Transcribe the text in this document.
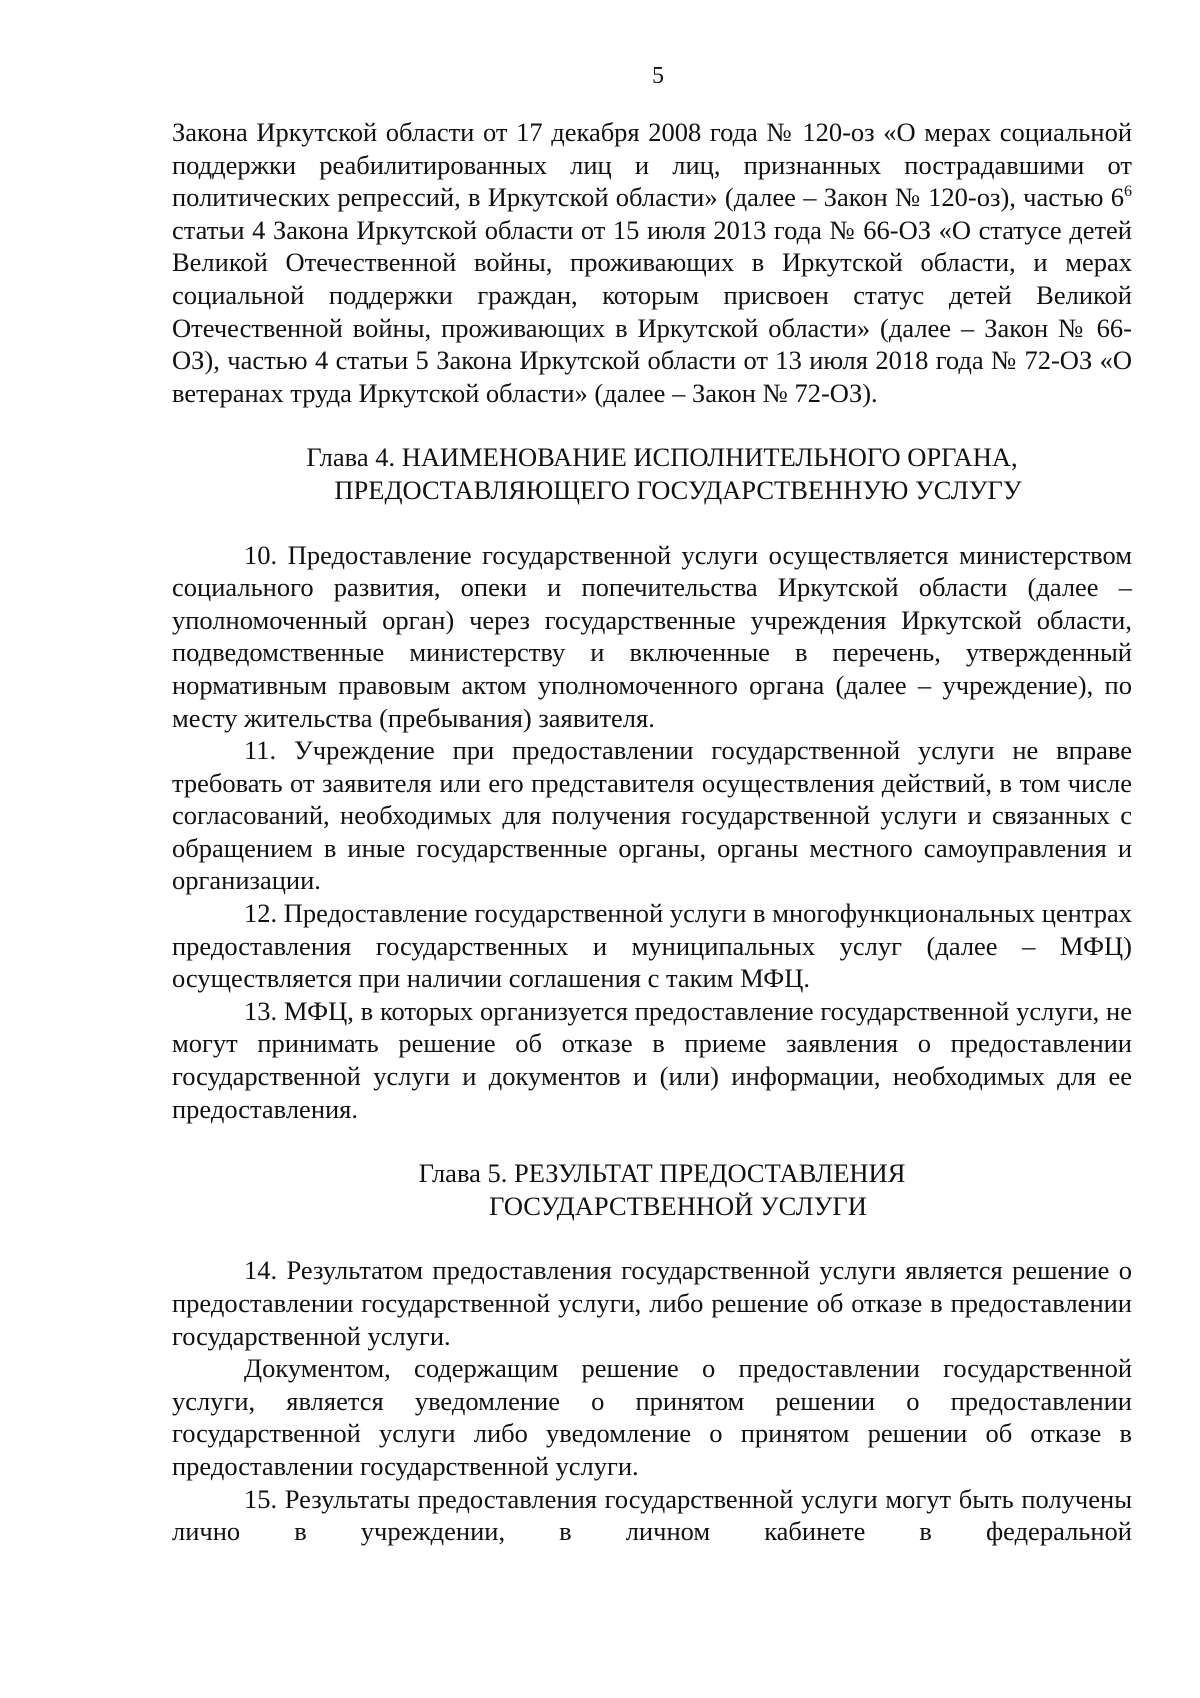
5

Закона Иркутской области от 17 декабря 2008 года № 120-оз «О мерах социальной поддержки реабилитированных лиц и лиц, признанных пострадавшими от политических репрессий, в Иркутской области» (далее – Закон № 120-оз), частью $6^6$ статьи 4 Закона Иркутской области от 15 июля 2013 года № 66-ОЗ «О статусе детей Великой Отечественной войны, проживающих в Иркутской области, и мерах социальной поддержки граждан, которым присвоен статус детей Великой Отечественной войны, проживающих в Иркутской области» (далее – Закон № 66-ОЗ), частью 4 статьи 5 Закона Иркутской области от 13 июля 2018 года № 72-ОЗ «О ветеранах труда Иркутской области» (далее – Закон № 72-ОЗ).

Глава 4. НАИМЕНОВАНИЕ ИСПОЛНИТЕЛЬНОГО ОРГАНА,
ПРЕДОСТАВЛЯЮЩЕГО ГОСУДАРСТВЕННУЮ УСЛУГУ

10. Предоставление государственной услуги осуществляется министерством социального развития, опеки и попечительства Иркутской области (далее – уполномоченный орган) через государственные учреждения Иркутской области, подведомственные министерству и включенные в перечень, утвержденный нормативным правовым актом уполномоченного органа (далее – учреждение), по месту жительства (пребывания) заявителя.

11. Учреждение при предоставлении государственной услуги не вправе требовать от заявителя или его представителя осуществления действий, в том числе согласований, необходимых для получения государственной услуги и связанных с обращением в иные государственные органы, органы местного самоуправления и организации.

12. Предоставление государственной услуги в многофункциональных центрах предоставления государственных и муниципальных услуг (далее – МФЦ) осуществляется при наличии соглашения с таким МФЦ.

13. МФЦ, в которых организуется предоставление государственной услуги, не могут принимать решение об отказе в приеме заявления о предоставлении государственной услуги и документов и (или) информации, необходимых для ее предоставления.

Глава 5. РЕЗУЛЬТАТ ПРЕДОСТАВЛЕНИЯ
ГОСУДАРСТВЕННОЙ УСЛУГИ

14. Результатом предоставления государственной услуги является решение о предоставлении государственной услуги, либо решение об отказе в предоставлении государственной услуги.

Документом, содержащим решение о предоставлении государственной услуги, является уведомление о принятом решении о предоставлении государственной услуги либо уведомление о принятом решении об отказе в предоставлении государственной услуги.

15. Результаты предоставления государственной услуги могут быть получены лично в учреждении, в личном кабинете в федеральной
